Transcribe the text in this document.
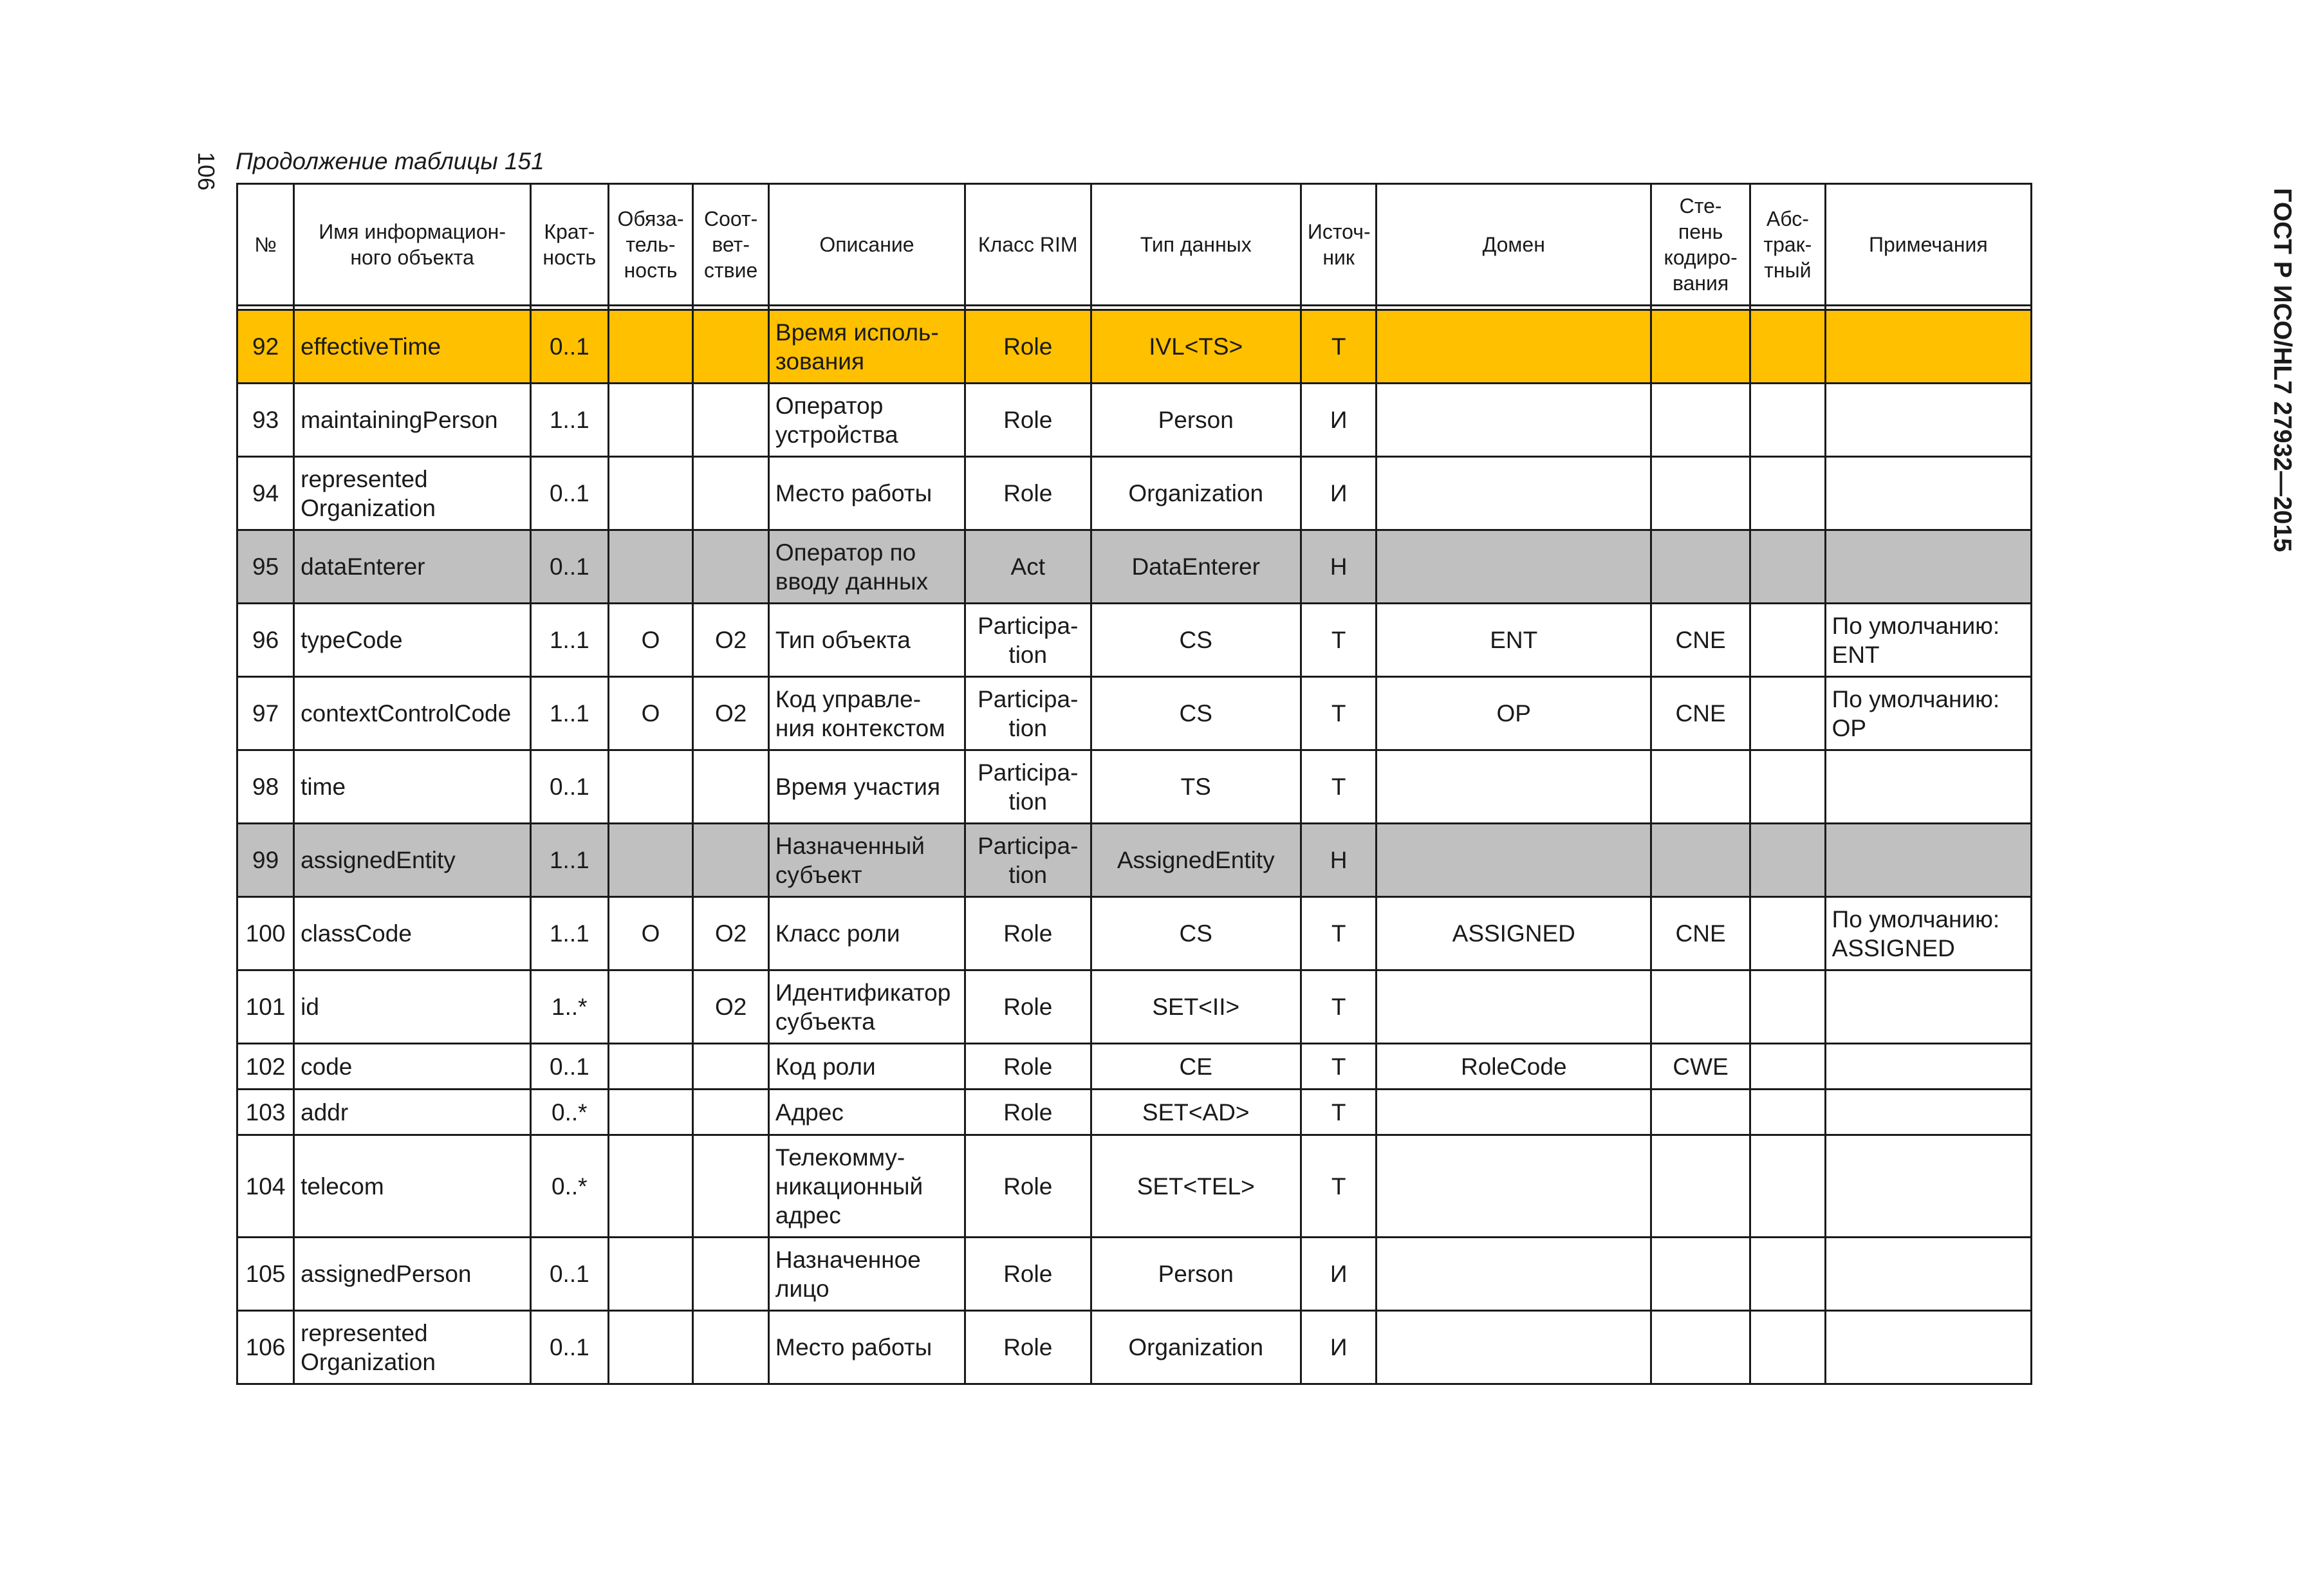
106 Продолжение таблицы 151
ГОСТ Р ИСО/HL7 27932—2015
№	Имя информацион-ного объекта	Крат-ность	Обяза-тель-ность	Соот-вет-ствие	Описание	Класс RIM	Тип данных	Источ-ник	Домен	Сте-пень кодиро-вания	Абс-трак-тный	Примечания

92	effectiveTime	0..1			Время исполь-зования	Role	IVL<TS>	Т				
93	maintainingPerson	1..1			Оператор устройства	Role	Person	И				
94	represented Organization	0..1			Место работы	Role	Organization	И				
95	dataEnterer	0..1			Оператор по вводу данных	Act	DataEnterer	Н				
96	typeCode	1..1	О	О2	Тип объекта	Participa-tion	CS	Т	ENT	CNE		По умолчанию: ENT
97	contextControlCode	1..1	О	О2	Код управле-ния контекстом	Participa-tion	CS	Т	OP	CNE		По умолчанию: OP
98	time	0..1			Время участия	Participa-tion	TS	Т				
99	assignedEntity	1..1			Назначенный субъект	Participa-tion	AssignedEntity	Н				
100	classCode	1..1	О	О2	Класс роли	Role	CS	Т	ASSIGNED	CNE		По умолчанию: ASSIGNED
101	id	1..*		О2	Идентификатор субъекта	Role	SET<II>	Т				
102	code	0..1			Код роли	Role	CE	Т	RoleCode	CWE		
103	addr	0..*			Адрес	Role	SET<AD>	Т				
104	telecom	0..*			Телекомму-никационный адрес	Role	SET<TEL>	Т				
105	assignedPerson	0..1			Назначенное лицо	Role	Person	И				
106	represented Organization	0..1			Место работы	Role	Organization	И				
